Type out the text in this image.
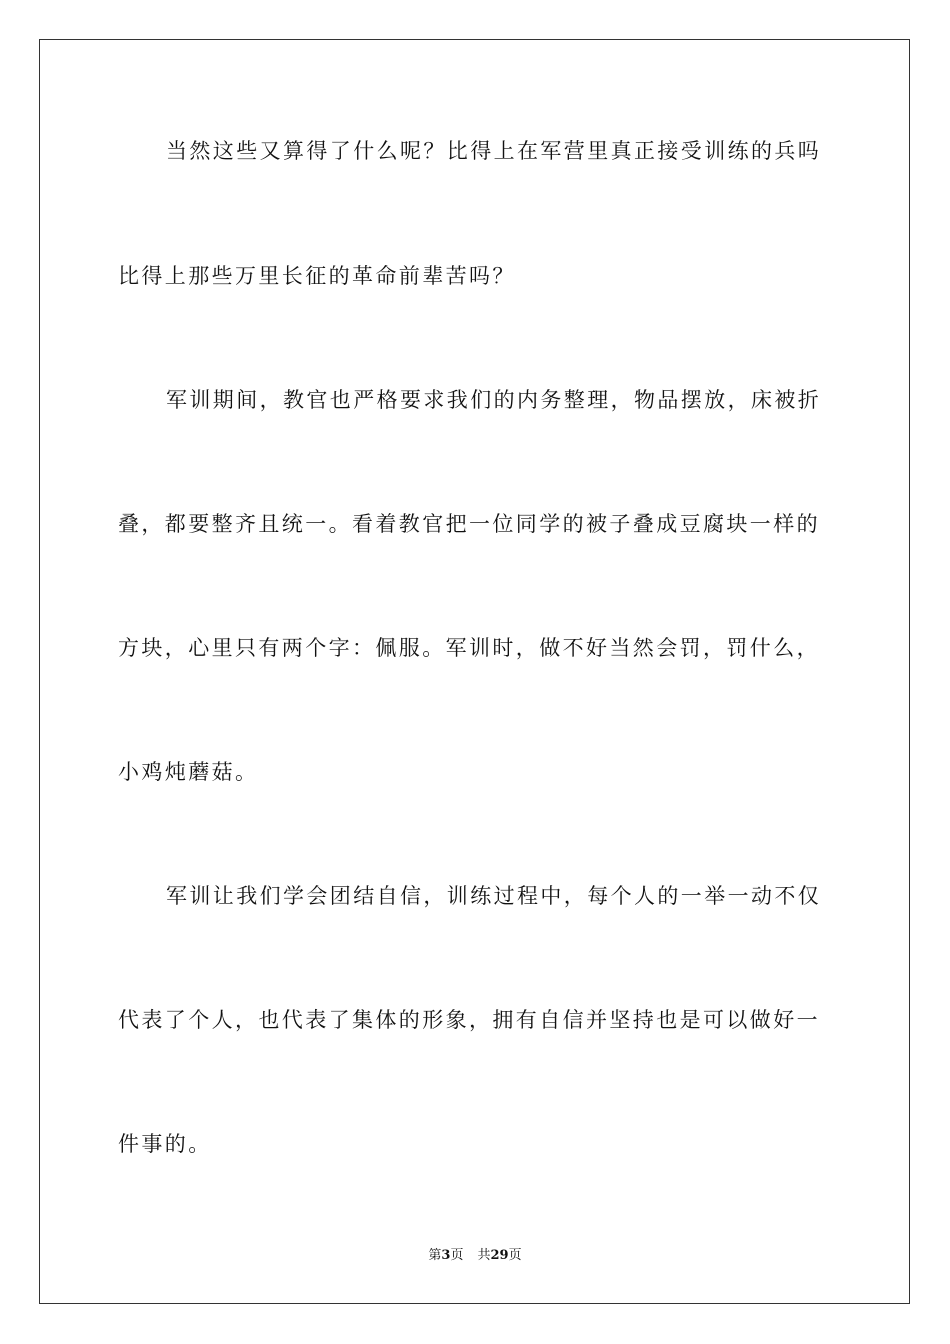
当然这些又算得了什么呢？比得上在军营里真正接受训练的兵吗
比得上那些万里长征的革命前辈苦吗？
军训期间，教官也严格要求我们的内务整理，物品摆放，床被折
叠，都要整齐且统一。看着教官把一位同学的被子叠成豆腐块一样的
方块，心里只有两个字：佩服。军训时，做不好当然会罚，罚什么，
小鸡炖蘑菇。
军训让我们学会团结自信，训练过程中，每个人的一举一动不仅
代表了个人，也代表了集体的形象，拥有自信并坚持也是可以做好一
件事的。
第3页 共29页
